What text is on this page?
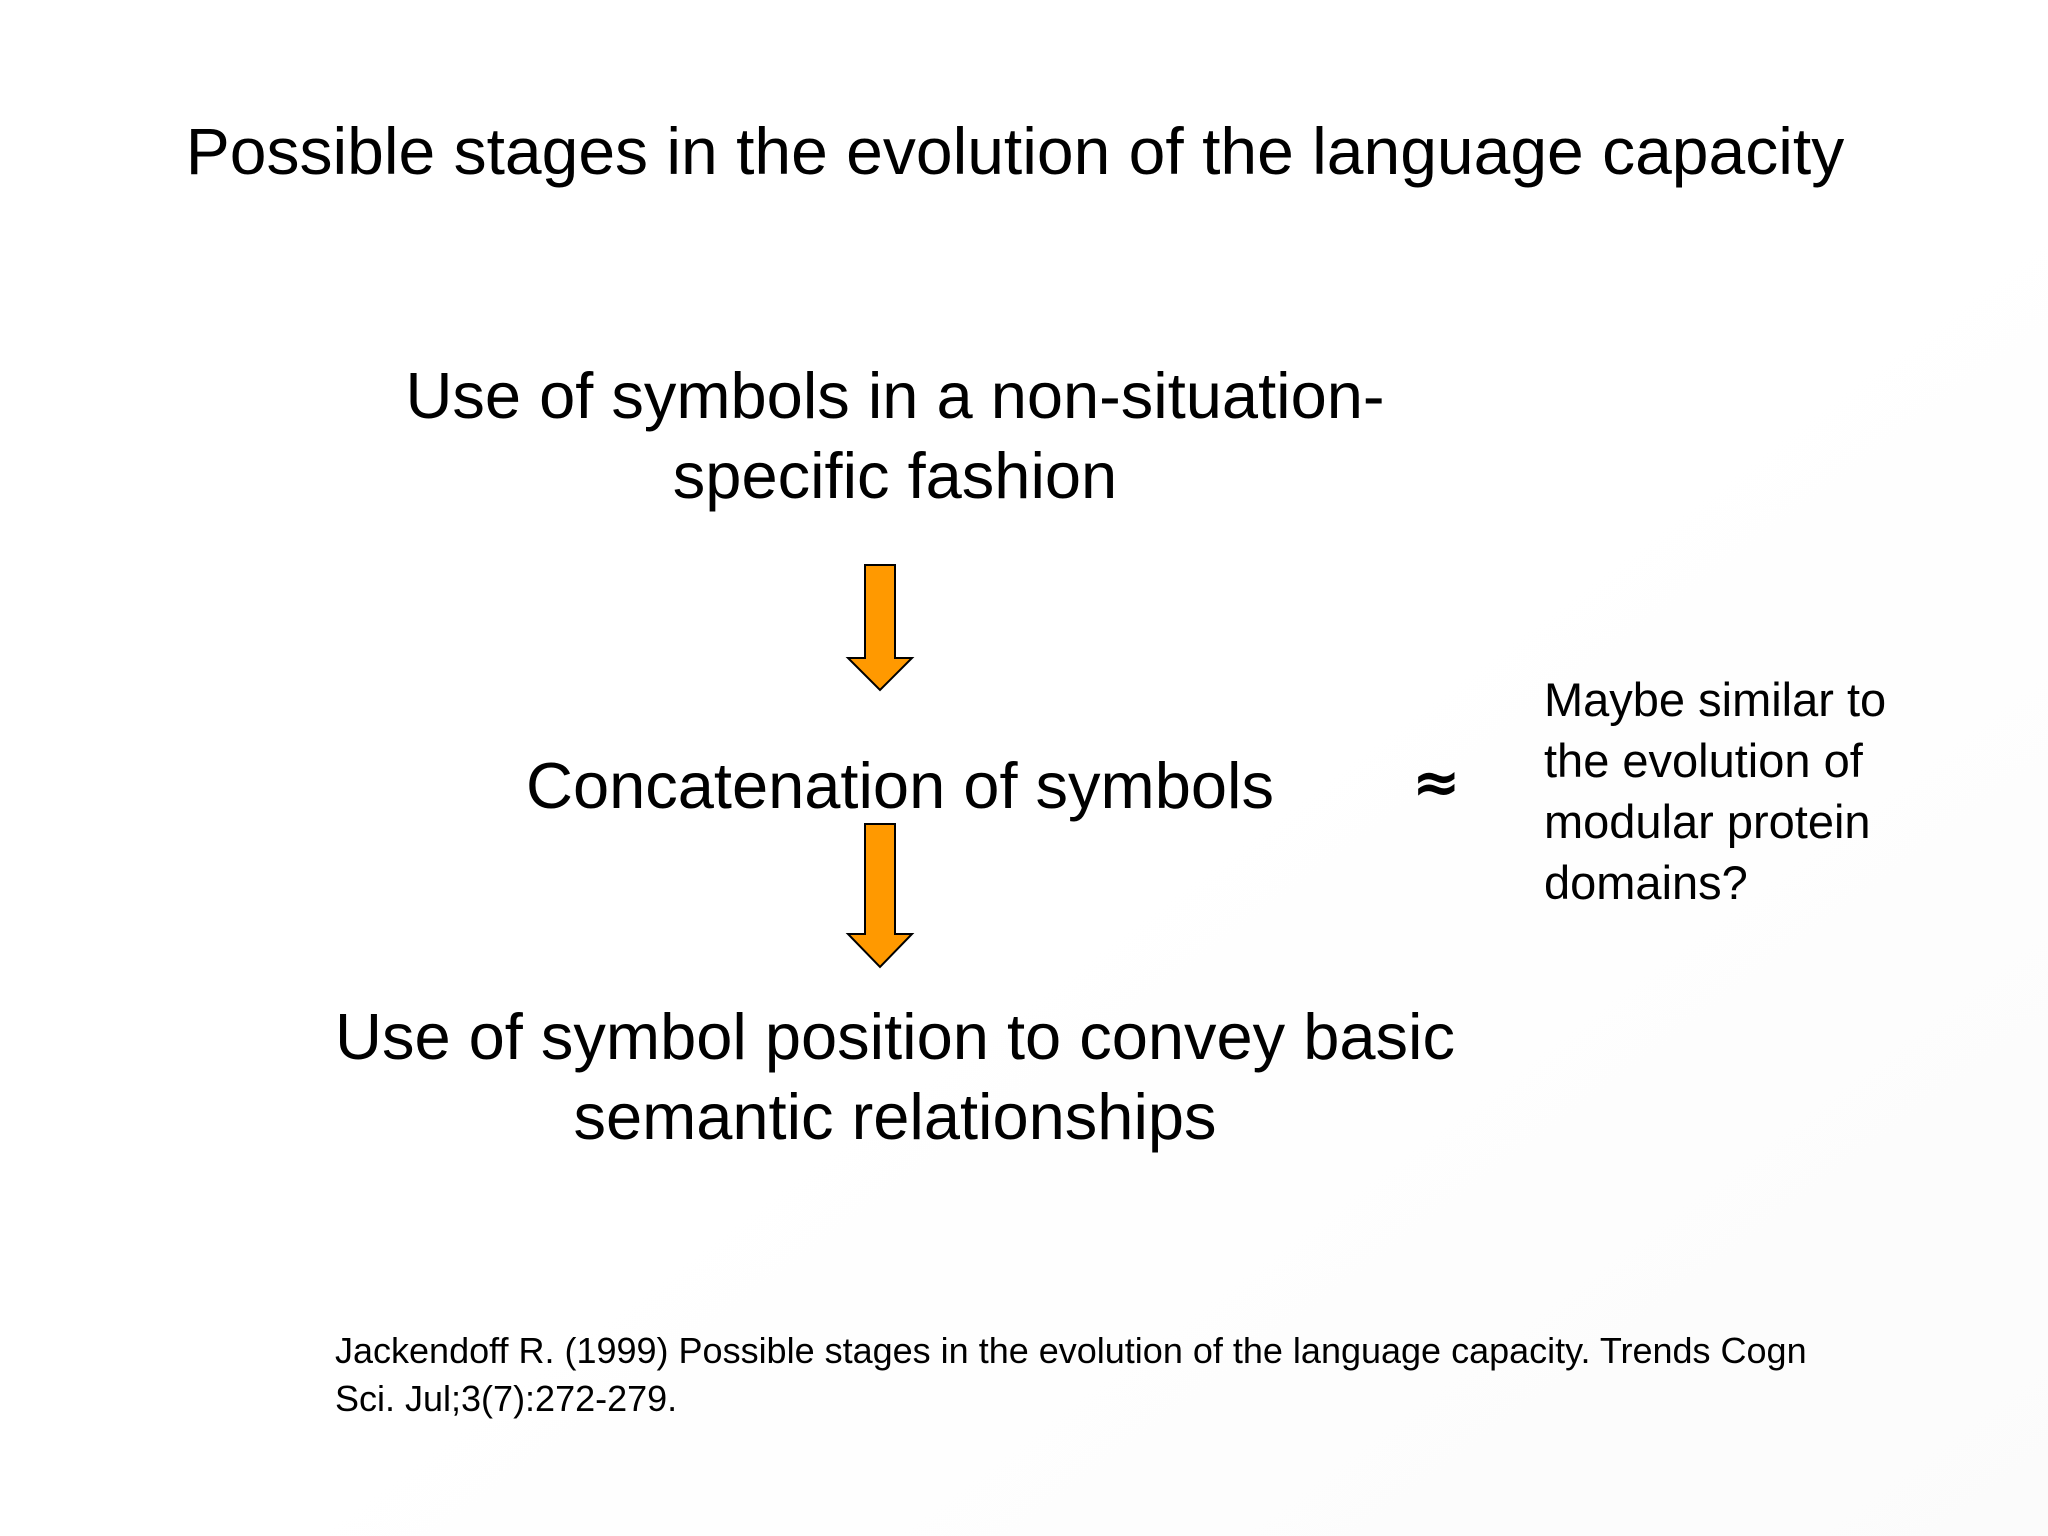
Possible stages in the evolution of the language capacity
Use of symbols in a non-situation-specific fashion
Concatenation of symbols	≈
Maybe similar to the evolution of modular protein domains?
Use of symbol position to convey basic semantic relationships
Jackendoff R. (1999) Possible stages in the evolution of the language capacity. Trends Cogn Sci. Jul;3(7):272-279.
